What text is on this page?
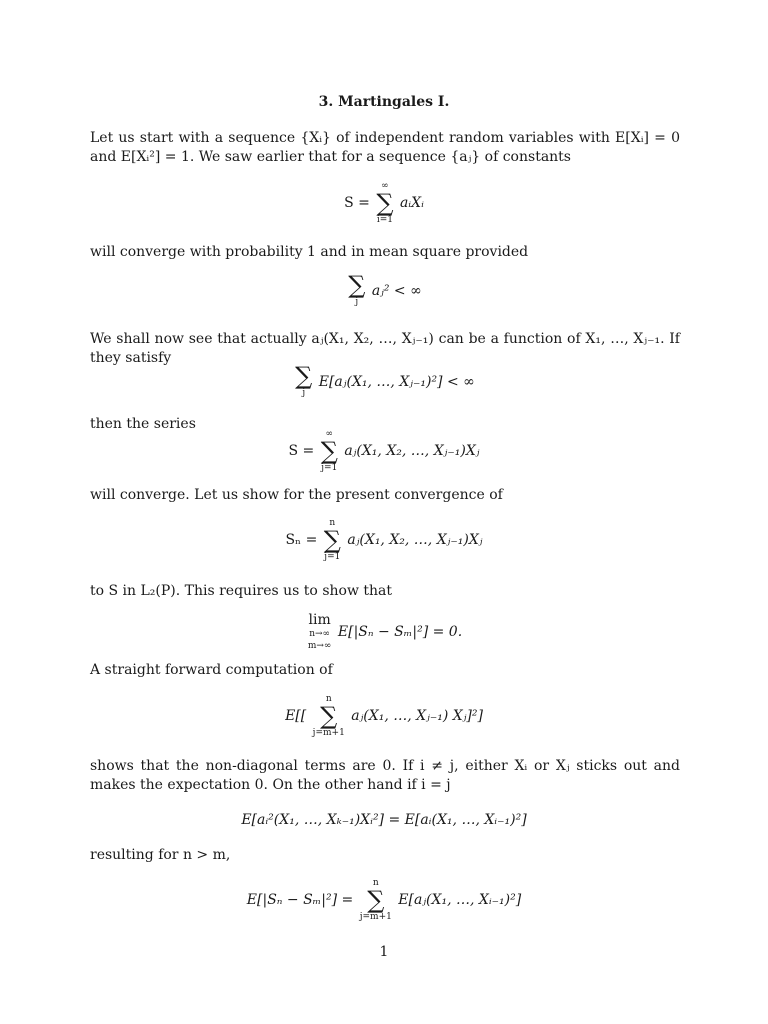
3. Martingales I.
Let us start with a sequence {Xᵢ} of independent random variables with E[Xᵢ] = 0 and E[Xᵢ²] = 1. We saw earlier that for a sequence {aⱼ} of constants
S =
∞
∑
i=1
aᵢXᵢ
will converge with probability 1 and in mean square provided
∑
j
aⱼ² < ∞
We shall now see that actually aⱼ(X₁, X₂, …, Xⱼ₋₁) can be a function of X₁, …, Xⱼ₋₁. If they satisfy
∑
j
E[aⱼ(X₁, …, Xⱼ₋₁)²] < ∞
then the series
S =
∞
∑
j=1
aⱼ(X₁, X₂, …, Xⱼ₋₁)Xⱼ
will converge. Let us show for the present convergence of
Sₙ =
n
∑
j=1
aⱼ(X₁, X₂, …, Xⱼ₋₁)Xⱼ
to S in L₂(P). This requires us to show that
lim
n→∞
m→∞
E[|Sₙ − Sₘ|²] = 0.
A straight forward computation of
E[[
n
∑
j=m+1
aⱼ(X₁, …, Xⱼ₋₁) Xⱼ]²]
shows that the non-diagonal terms are 0. If i ≠ j, either Xᵢ or Xⱼ sticks out and makes the expectation 0. On the other hand if i = j
E[aᵢ²(X₁, …, Xₖ₋₁)Xᵢ²] = E[aᵢ(X₁, …, Xᵢ₋₁)²]
resulting for n > m,
E[|Sₙ − Sₘ|²] =
n
∑
j=m+1
E[aⱼ(X₁, …, Xᵢ₋₁)²]
1
